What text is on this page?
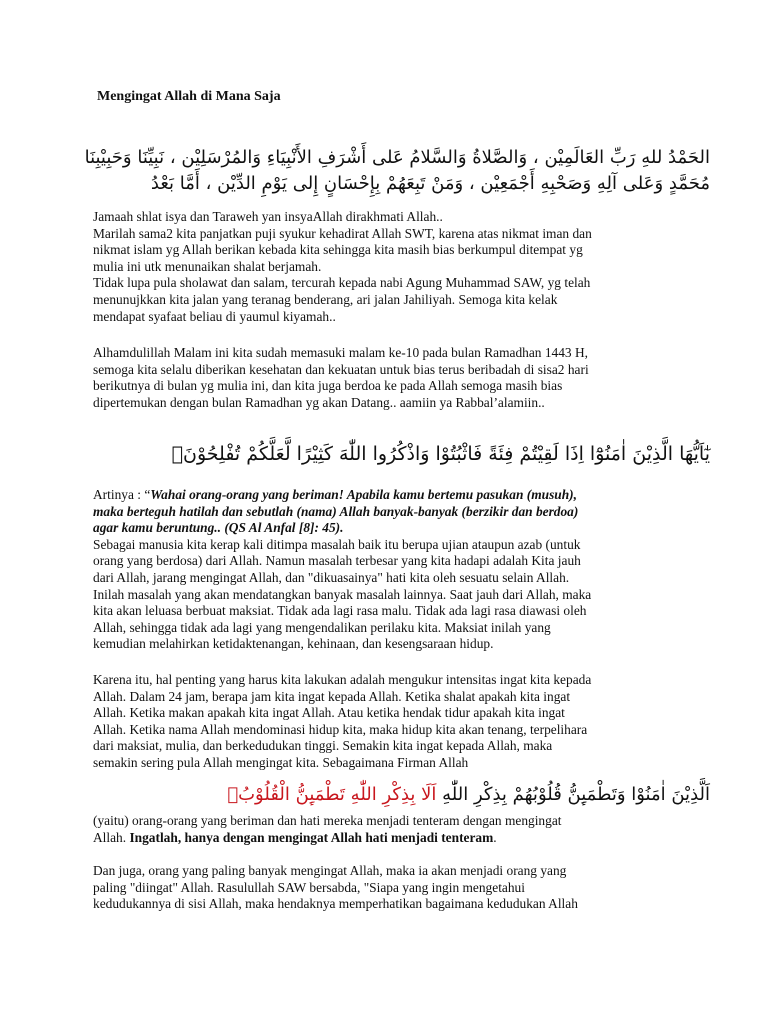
Mengingat Allah di Mana Saja
الحَمْدُ للهِ رَبِّ العَالَمِيْن ، وَالصَّلاةُ وَالسَّلامُ عَلى أَشْرَفِ الأَنْبِيَاءِ وَالمُرْسَلِيْن ، نَبِيِّنَا وَحَبِيْبِنَا
مُحَمَّدٍ وَعَلى آلِهِ وَصَحْبِهِ أَجْمَعِيْن ، وَمَنْ تَبِعَهُمْ بِإِحْسَانٍ إِلى يَوْمِ الدِّيْن ، أَمَّا بَعْدُ
Jamaah shlat isya dan Taraweh yan insyaAllah dirakhmati Allah..
Marilah sama2 kita panjatkan puji syukur kehadirat Allah SWT, karena atas nikmat iman dan
nikmat islam yg Allah berikan kebada kita sehingga kita masih bias berkumpul ditempat yg
mulia ini utk menunaikan shalat berjamah.
Tidak lupa pula sholawat dan salam, tercurah kepada nabi Agung Muhammad SAW, yg telah
menunujkkan kita jalan yang teranag benderang, ari jalan Jahiliyah. Semoga kita kelak
mendapat syafaat beliau di yaumul kiyamah..
Alhamdulillah Malam ini kita sudah memasuki malam ke-10 pada bulan Ramadhan 1443 H,
semoga kita selalu diberikan kesehatan dan kekuatan untuk bias terus beribadah di sisa2 hari
berikutnya di bulan yg mulia ini, dan kita juga berdoa ke pada Allah semoga masih bias
dipertemukan dengan bulan Ramadhan yg akan Datang.. aamiin ya Rabbal’alamiin..
يٰٓاَيُّهَا الَّذِيْنَ اٰمَنُوْٓا اِذَا لَقِيْتُمْ فِئَةً فَاثْبُتُوْا وَاذْكُرُوا اللّٰهَ كَثِيْرًا لَّعَلَّكُمْ تُفْلِحُوْنَۚ
Artinya : “Wahai orang-orang yang beriman! Apabila kamu bertemu pasukan (musuh),
maka berteguh hatilah dan sebutlah (nama) Allah banyak-banyak (berzikir dan berdoa)
agar kamu beruntung.. (QS Al Anfal [8]: 45).
Sebagai manusia kita kerap kali ditimpa masalah baik itu berupa ujian ataupun azab (untuk
orang yang berdosa) dari Allah. Namun masalah terbesar yang kita hadapi adalah Kita jauh
dari Allah, jarang mengingat Allah, dan "dikuasainya" hati kita oleh sesuatu selain Allah.
Inilah masalah yang akan mendatangkan banyak masalah lainnya. Saat jauh dari Allah, maka
kita akan leluasa berbuat maksiat. Tidak ada lagi rasa malu. Tidak ada lagi rasa diawasi oleh
Allah, sehingga tidak ada lagi yang mengendalikan perilaku kita. Maksiat inilah yang
kemudian melahirkan ketidaktenangan, kehinaan, dan kesengsaraan hidup.
Karena itu, hal penting yang harus kita lakukan adalah mengukur intensitas ingat kita kepada
Allah. Dalam 24 jam, berapa jam kita ingat kepada Allah. Ketika shalat apakah kita ingat
Allah. Ketika makan apakah kita ingat Allah. Atau ketika hendak tidur apakah kita ingat
Allah. Ketika nama Allah mendominasi hidup kita, maka hidup kita akan tenang, terpelihara
dari maksiat, mulia, dan berkedudukan tinggi. Semakin kita ingat kepada Allah, maka
semakin sering pula Allah mengingat kita. Sebagaimana Firman Allah
اَلَّذِيْنَ اٰمَنُوْا وَتَطْمَىِٕنُّ قُلُوْبُهُمْ بِذِكْرِ اللّٰهِ اَلَا بِذِكْرِ اللّٰهِ تَطْمَىِٕنُّ الْقُلُوْبُۗ
(yaitu) orang-orang yang beriman dan hati mereka menjadi tenteram dengan mengingat
Allah. Ingatlah, hanya dengan mengingat Allah hati menjadi tenteram.
Dan juga, orang yang paling banyak mengingat Allah, maka ia akan menjadi orang yang
paling "diingat" Allah. Rasulullah SAW bersabda, "Siapa yang ingin mengetahui
kedudukannya di sisi Allah, maka hendaknya memperhatikan bagaimana kedudukan Allah
